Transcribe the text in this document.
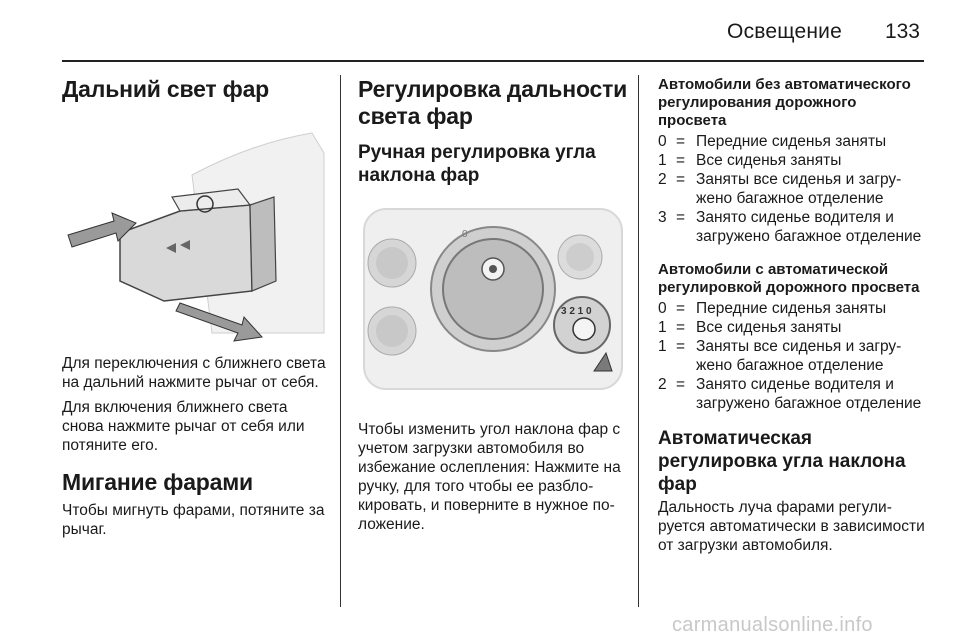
Освещение 133
Дальний свет фар

Для переключения с ближнего света на дальний нажмите рычаг от себя.

Для включения ближнего света снова нажмите рычаг от себя или потяните его.

Мигание фарами

Чтобы мигнуть фарами, потяните за рычаг.

Регулировка дальности света фар
Ручная регулировка угла наклона фар
0
3 2 1 0

Чтобы изменить угол наклона фар с учетом загрузки автомобиля во избежание ослепления: Нажмите на ручку, для того чтобы ее разблокировать, и поверните в нужное положение.

Автомобили без автоматического регулирования дорожного просвета
0 = Передние сиденья заняты
1 = Все сиденья заняты
2 = Заняты все сиденья и загружено багажное отделение
3 = Занято сиденье водителя и загружено багажное отделение
Автомобили с автоматической регулировкой дорожного просвета
0 = Передние сиденья заняты
1 = Все сиденья заняты
1 = Заняты все сиденья и загружено багажное отделение
2 = Занято сиденье водителя и загружено багажное отделение
Автоматическая регулировка угла наклона фар

Дальность луча фарами регулируется автоматически в зависимости от загрузки автомобиля.

carmanualsonline.info
